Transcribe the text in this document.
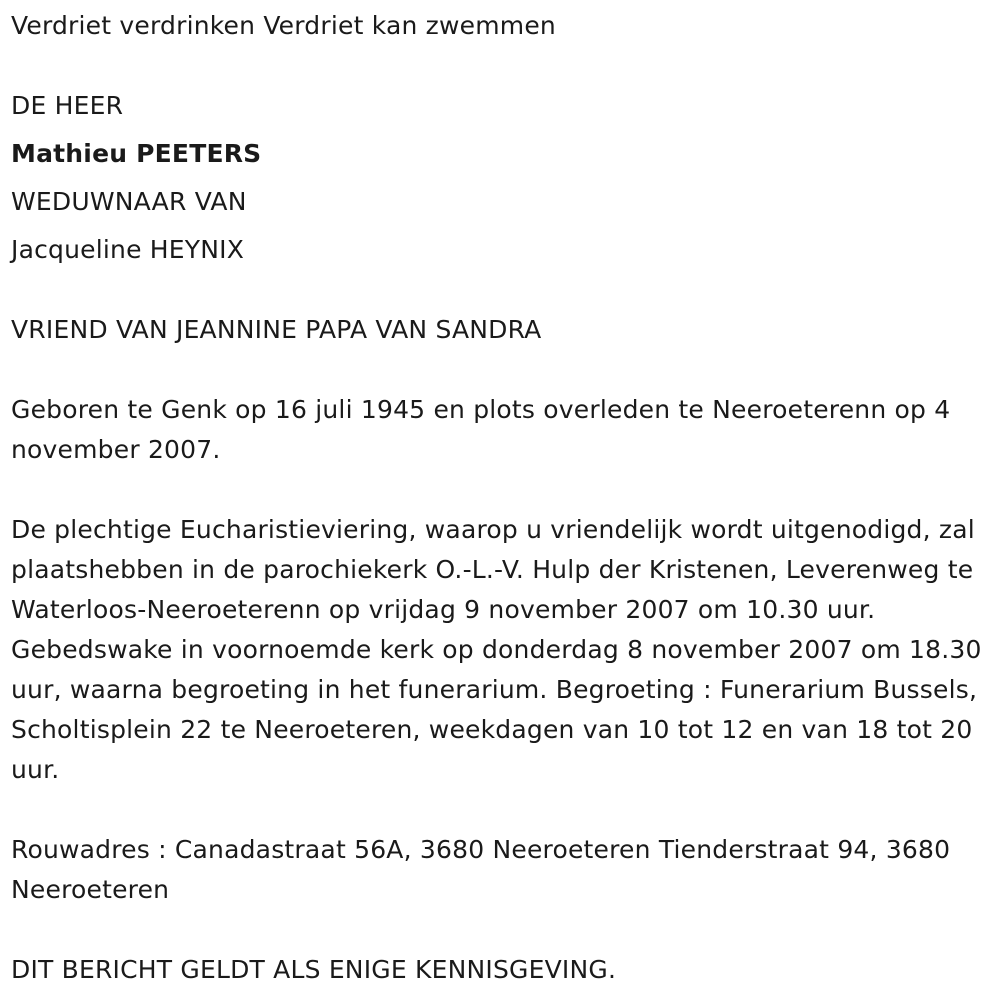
Verdriet verdrinken Verdriet kan zwemmen
DE HEER
Mathieu PEETERS
WEDUWNAAR VAN
Jacqueline HEYNIX
VRIEND VAN JEANNINE PAPA VAN SANDRA

Geboren te Genk op 16 juli 1945 en plots overleden te Neeroeterenn op 4 november 2007.

De plechtige Eucharistieviering, waarop u vriendelijk wordt uitgenodigd, zal plaatshebben in de parochiekerk O.-L.-V. Hulp der Kristenen, Leverenweg te Waterloos-Neeroeterenn op vrijdag 9 november 2007 om 10.30 uur. Gebedswake in voornoemde kerk op donderdag 8 november 2007 om 18.30 uur, waarna begroeting in het funerarium. Begroeting : Funerarium Bussels, Scholtisplein 22 te Neeroeteren, weekdagen van 10 tot 12 en van 18 tot 20 uur.

Rouwadres : Canadastraat 56A, 3680 Neeroeteren Tienderstraat 94, 3680 Neeroeteren

DIT BERICHT GELDT ALS ENIGE KENNISGEVING.
